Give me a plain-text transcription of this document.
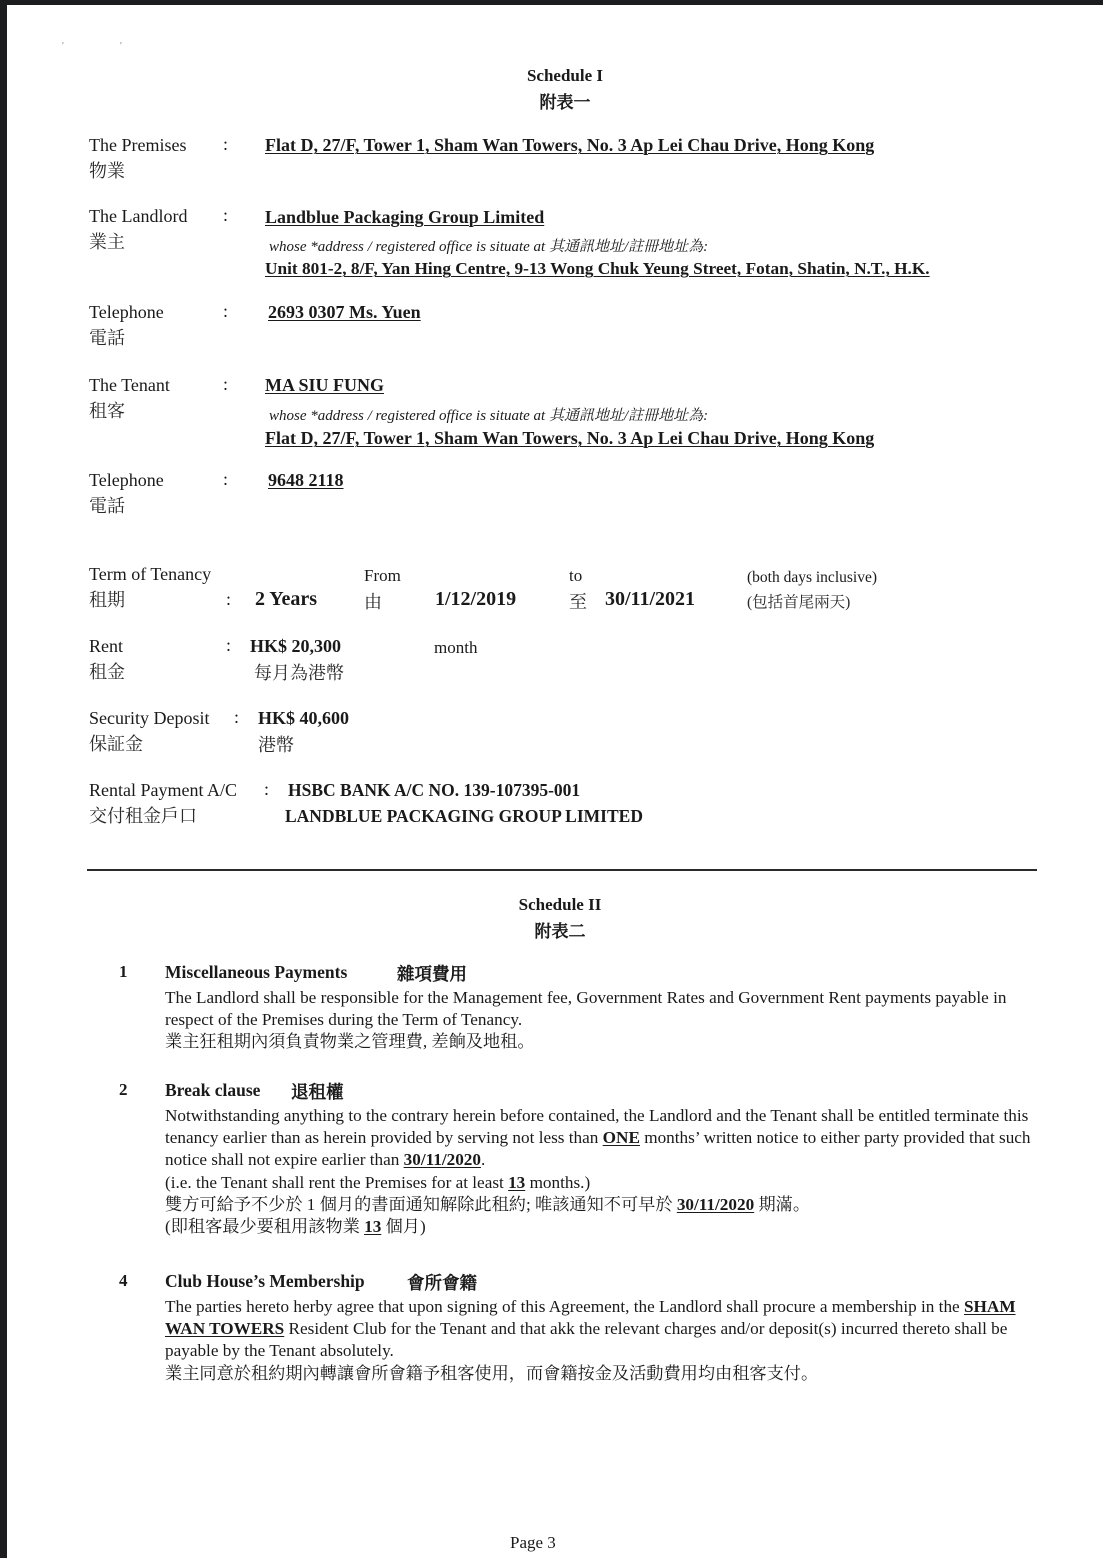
'	'
Schedule I
附表一
The Premises
物業
: Flat D, 27/F, Tower 1, Sham Wan Towers, No. 3 Ap Lei Chau Drive, Hong Kong
The Landlord
業主
: Landblue Packaging Group Limited
whose *address / registered office is situate at 其通訊地址/註冊地址為:
Unit 801-2, 8/F, Yan Hing Centre, 9-13 Wong Chuk Yeung Street, Fotan, Shatin, N.T., H.K.
Telephone
電話
: 2693 0307 Ms. Yuen
The Tenant
租客
: MA SIU FUNG
whose *address / registered office is situate at 其通訊地址/註冊地址為:
Flat D, 27/F, Tower 1, Sham Wan Towers, No. 3 Ap Lei Chau Drive, Hong Kong
Telephone
電話
: 9648 2118
Term of Tenancy
租期	: 2 Years
From
由	1/12/2019
to
至 30/11/2021
(both days inclusive)
(包括首尾兩天)
Rent
租金
: HK$ 20,300
每月為港幣
month
Security Deposit
保証金
: HK$ 40,600
港幣
Rental Payment A/C
交付租金戶口
: HSBC BANK A/C NO. 139-107395-001
LANDBLUE PACKAGING GROUP LIMITED
Schedule II
附表二
1 Miscellaneous Payments	雜項費用
The Landlord shall be responsible for the Management fee, Government Rates and Government Rent payments payable in respect of the Premises during the Term of Tenancy.
業主狂租期內須負責物業之管理費, 差餉及地租。
2 Break clause 退租權
Notwithstanding anything to the contrary herein before contained, the Landlord and the Tenant shall be entitled terminate this tenancy earlier than as herein provided by serving not less than ONE months’ written notice to either party provided that such notice shall not expire earlier than 30/11/2020.
(i.e. the Tenant shall rent the Premises for at least 13 months.)
雙方可給予不少於 1 個月的書面通知解除此租約; 唯該通知不可早於 30/11/2020 期滿。
(即租客最少要租用該物業 13 個月)
4 Club House’s Membership 會所會籍
The parties hereto herby agree that upon signing of this Agreement, the Landlord shall procure a membership in the SHAM WAN TOWERS Resident Club for the Tenant and that akk the relevant charges and/or deposit(s) incurred thereto shall be payable by the Tenant absolutely.
業主同意於租約期內轉讓會所會籍予租客使用，而會籍按金及活動費用均由租客支付。
Page 3
